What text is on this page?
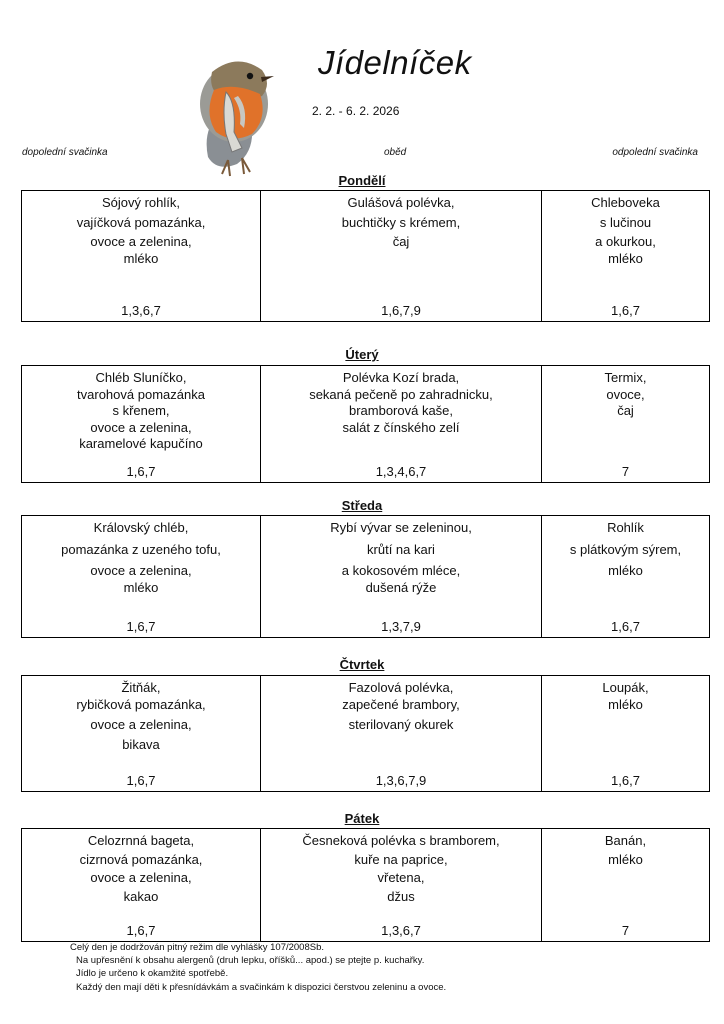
Jídelníček
2. 2. - 6. 2. 2026
dopolední svačinka	oběd	odpolední svačinka
Pondělí
Sójový rohlík,
vajíčková pomazánka,
ovoce a zelenina,
mléko
1,3,6,7

Gulášová polévka,
buchtičky s krémem,
čaj
1,6,7,9

Chleboveka
s lučinou
a okurkou,
mléko
1,6,7
Úterý
Chléb Sluníčko,
tvarohová pomazánka
s křenem,
ovoce a zelenina,
karamelové kapučíno
1,6,7

Polévka Kozí brada,
sekaná pečeně po zahradnicku,
bramborová kaše,
salát z čínského zelí
1,3,4,6,7

Termix,
ovoce,
čaj
7
Středa
Královský chléb,
pomazánka z uzeného tofu,
ovoce a zelenina,
mléko
1,6,7

Rybí vývar se zeleninou,
krůtí na kari
a kokosovém mléce,
dušená rýže
1,3,7,9

Rohlík
s plátkovým sýrem,
mléko
1,6,7
Čtvrtek
Žitňák,
rybičková pomazánka,
ovoce a zelenina,
bikava
1,6,7

Fazolová polévka,
zapečené brambory,
sterilovaný okurek
1,3,6,7,9

Loupák,
mléko
1,6,7
Pátek
Celozrnná bageta,
cizrnová pomazánka,
ovoce a zelenina,
kakao
1,6,7

Česneková polévka s bramborem,
kuře na paprice,
vřetena,
džus
1,3,6,7

Banán,
mléko
7
Celý den je dodržován pitný režim dle vyhlášky 107/2008Sb.
Na upřesnění k obsahu alergenů (druh lepku, oříšků... apod.) se ptejte p. kuchařky.
Jídlo je určeno k okamžité spotřebě.
Každý den mají děti k přesnídávkám a svačinkám k dispozici čerstvou zeleninu a ovoce.
